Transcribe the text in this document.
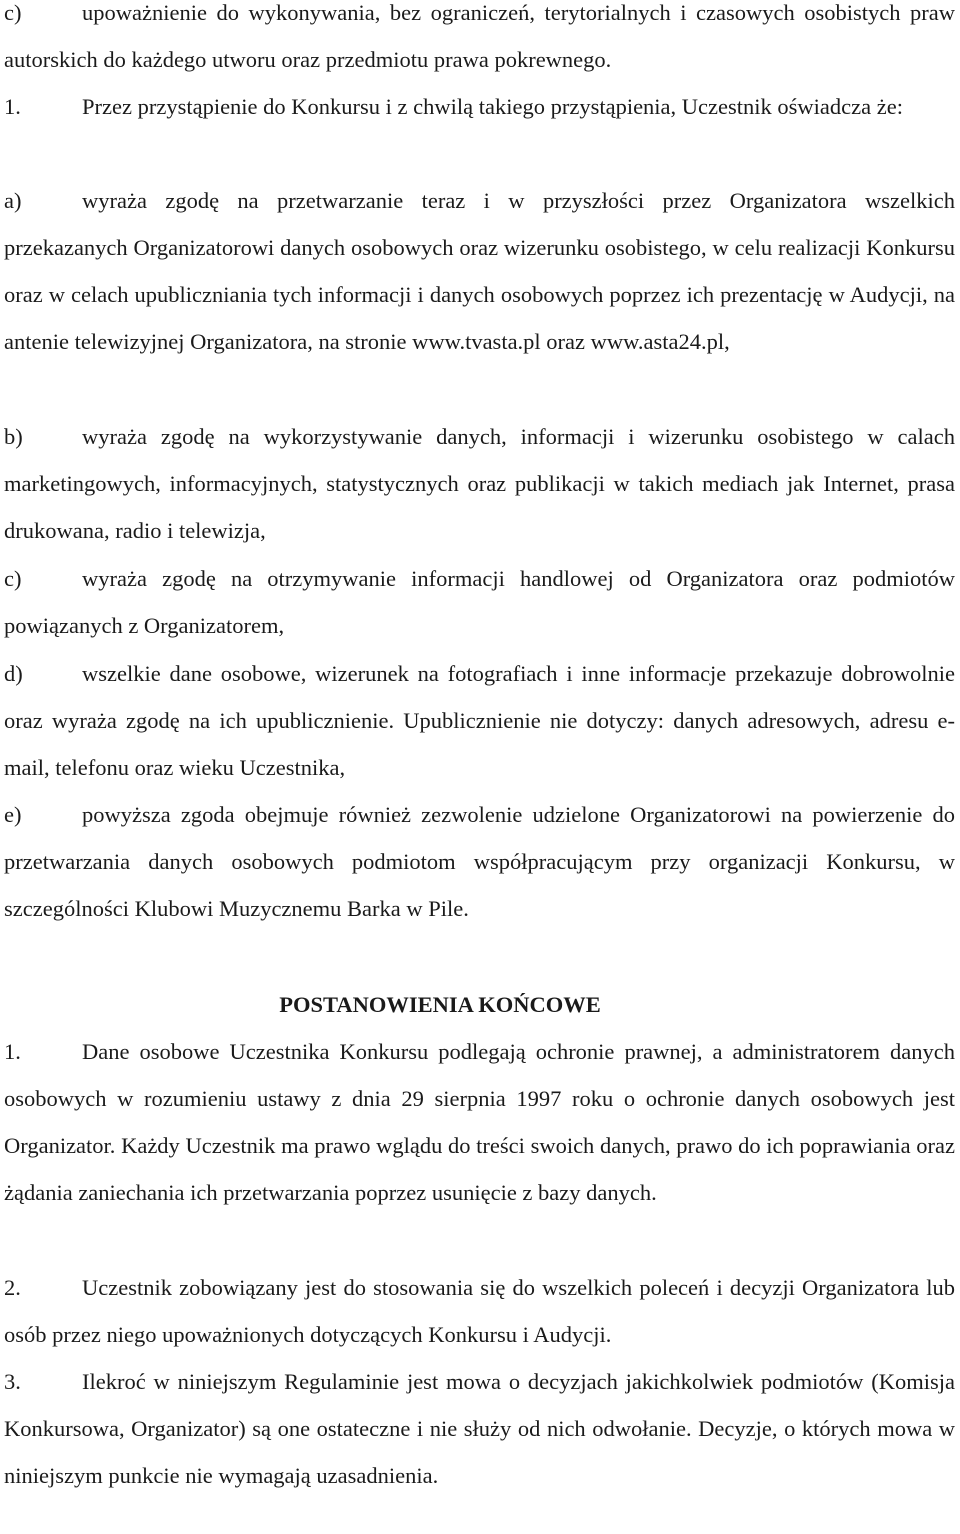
c)	upoważnienie do wykonywania, bez ograniczeń, terytorialnych i czasowych osobistych praw autorskich do każdego utworu oraz przedmiotu prawa pokrewnego.
1.	Przez przystąpienie do Konkursu i z chwilą takiego przystąpienia, Uczestnik oświadcza że:
a)	wyraża zgodę na przetwarzanie teraz i w przyszłości przez Organizatora wszelkich przekazanych Organizatorowi danych osobowych oraz wizerunku osobistego, w celu realizacji Konkursu oraz w celach upubliczniania tych informacji i danych osobowych poprzez ich prezentację w Audycji, na antenie telewizyjnej Organizatora, na stronie www.tvasta.pl oraz www.asta24.pl,
b)	wyraża zgodę na wykorzystywanie danych, informacji i wizerunku osobistego w calach marketingowych, informacyjnych, statystycznych oraz publikacji w takich mediach jak Internet, prasa drukowana, radio i telewizja,
c)	wyraża zgodę na otrzymywanie informacji handlowej od Organizatora oraz podmiotów powiązanych z Organizatorem,
d)	wszelkie dane osobowe, wizerunek na fotografiach i inne informacje przekazuje dobrowolnie oraz wyraża zgodę na ich upublicznienie. Upublicznienie nie dotyczy: danych adresowych, adresu e-mail, telefonu oraz wieku Uczestnika,
e)	powyższa zgoda obejmuje również zezwolenie udzielone Organizatorowi na powierzenie do przetwarzania danych osobowych podmiotom współpracującym przy organizacji Konkursu, w szczególności Klubowi Muzycznemu Barka w Pile.
POSTANOWIENIA KOŃCOWE
1.	Dane osobowe Uczestnika Konkursu podlegają ochronie prawnej, a administratorem danych osobowych w rozumieniu ustawy z dnia 29 sierpnia 1997 roku o ochronie danych osobowych jest Organizator. Każdy Uczestnik ma prawo wglądu do treści swoich danych, prawo do ich poprawiania oraz żądania zaniechania ich przetwarzania poprzez usunięcie z bazy danych.
2.	Uczestnik zobowiązany jest do stosowania się do wszelkich poleceń i decyzji Organizatora lub osób przez niego upoważnionych dotyczących Konkursu i Audycji.
3.	Ilekroć w niniejszym Regulaminie jest mowa o decyzjach jakichkolwiek podmiotów (Komisja Konkursowa, Organizator) są one ostateczne i nie służy od nich odwołanie. Decyzje, o których mowa w niniejszym punkcie nie wymagają uzasadnienia.
